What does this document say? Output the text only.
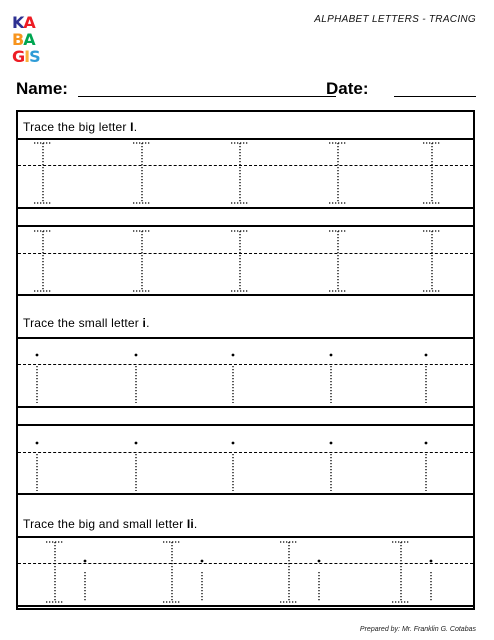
K A
B A
G I S
ALPHABET LETTERS - TRACING
Name:	Date:
Trace the big letter I.
Trace the small letter i.
Trace the big and small letter Ii.
Prepared by: Mr. Franklin G. Cotabas
